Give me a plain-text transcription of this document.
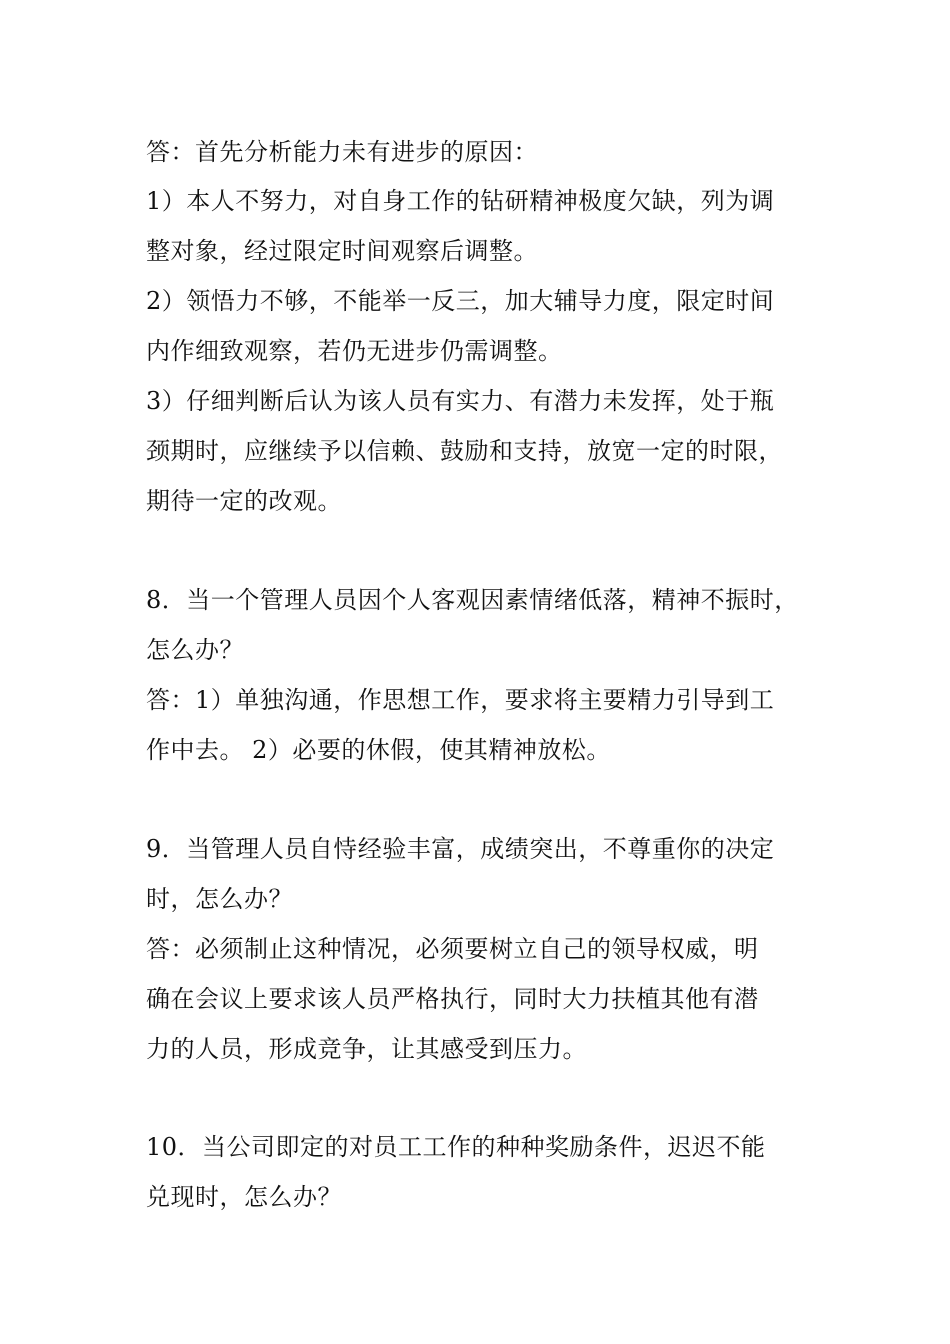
答：首先分析能力未有进步的原因：
1）本人不努力，对自身工作的钻研精神极度欠缺，列为调
整对象，经过限定时间观察后调整。
2）领悟力不够，不能举一反三，加大辅导力度，限定时间
内作细致观察，若仍无进步仍需调整。
3）仔细判断后认为该人员有实力、有潜力未发挥，处于瓶
颈期时，应继续予以信赖、鼓励和支持，放宽一定的时限，
期待一定的改观。
8．当一个管理人员因个人客观因素情绪低落，精神不振时，
怎么办？
答：1）单独沟通，作思想工作，要求将主要精力引导到工
作中去。 2）必要的休假，使其精神放松。
9．当管理人员自恃经验丰富，成绩突出，不尊重你的决定
时，怎么办？
答：必须制止这种情况，必须要树立自己的领导权威，明
确在会议上要求该人员严格执行，同时大力扶植其他有潜
力的人员，形成竞争，让其感受到压力。
10．当公司即定的对员工工作的种种奖励条件，迟迟不能
兑现时，怎么办？
